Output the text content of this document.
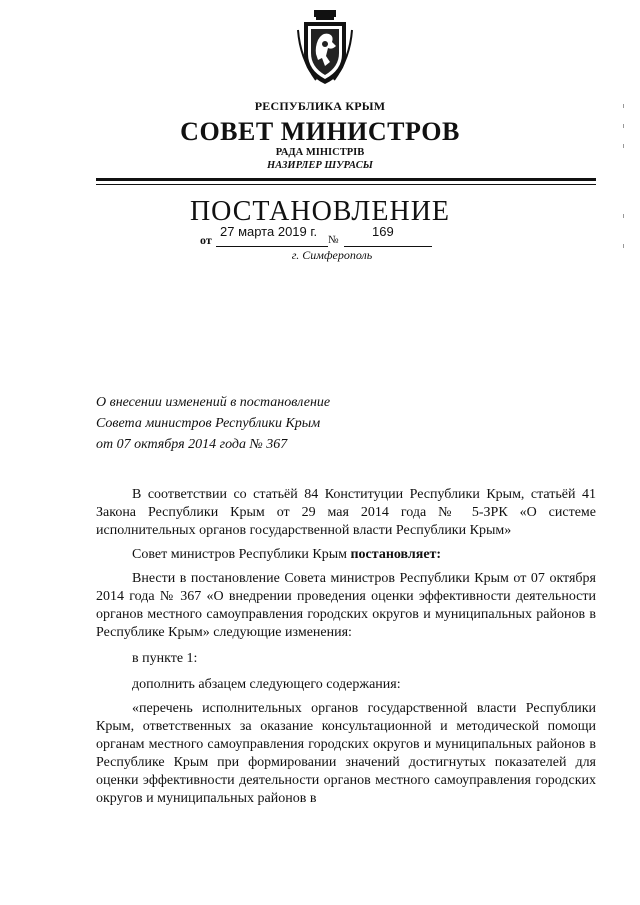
РЕСПУБЛИКА КРЫМ
СОВЕТ МИНИСТРОВ
РАДА МІНІСТРІВ
НАЗИРЛЕР ШУРАСЫ
ПОСТАНОВЛЕНИЕ
от
27 марта 2019 г.
№
169
г. Симферополь
О внесении изменений в постановление
Совета министров Республики Крым
от 07 октября 2014 года № 367

В соответствии со статьёй 84 Конституции Республики Крым, статьёй 41 Закона Республики Крым от 29 мая 2014 года № 5-ЗРК «О системе исполнительных органов государственной власти Республики Крым»

Совет министров Республики Крым постановляет:

Внести в постановление Совета министров Республики Крым от 07 октября 2014 года № 367 «О внедрении проведения оценки эффективности деятельности органов местного самоуправления городских округов и муниципальных районов в Республике Крым» следующие изменения:

в пункте 1:

дополнить абзацем следующего содержания:

«перечень исполнительных органов государственной власти Республики Крым, ответственных за оказание консультационной и методической помощи органам местного самоуправления городских округов и муниципальных районов в Республике Крым при формировании значений достигнутых показателей для оценки эффективности деятельности органов местного самоуправления городских округов и муниципальных районов в
